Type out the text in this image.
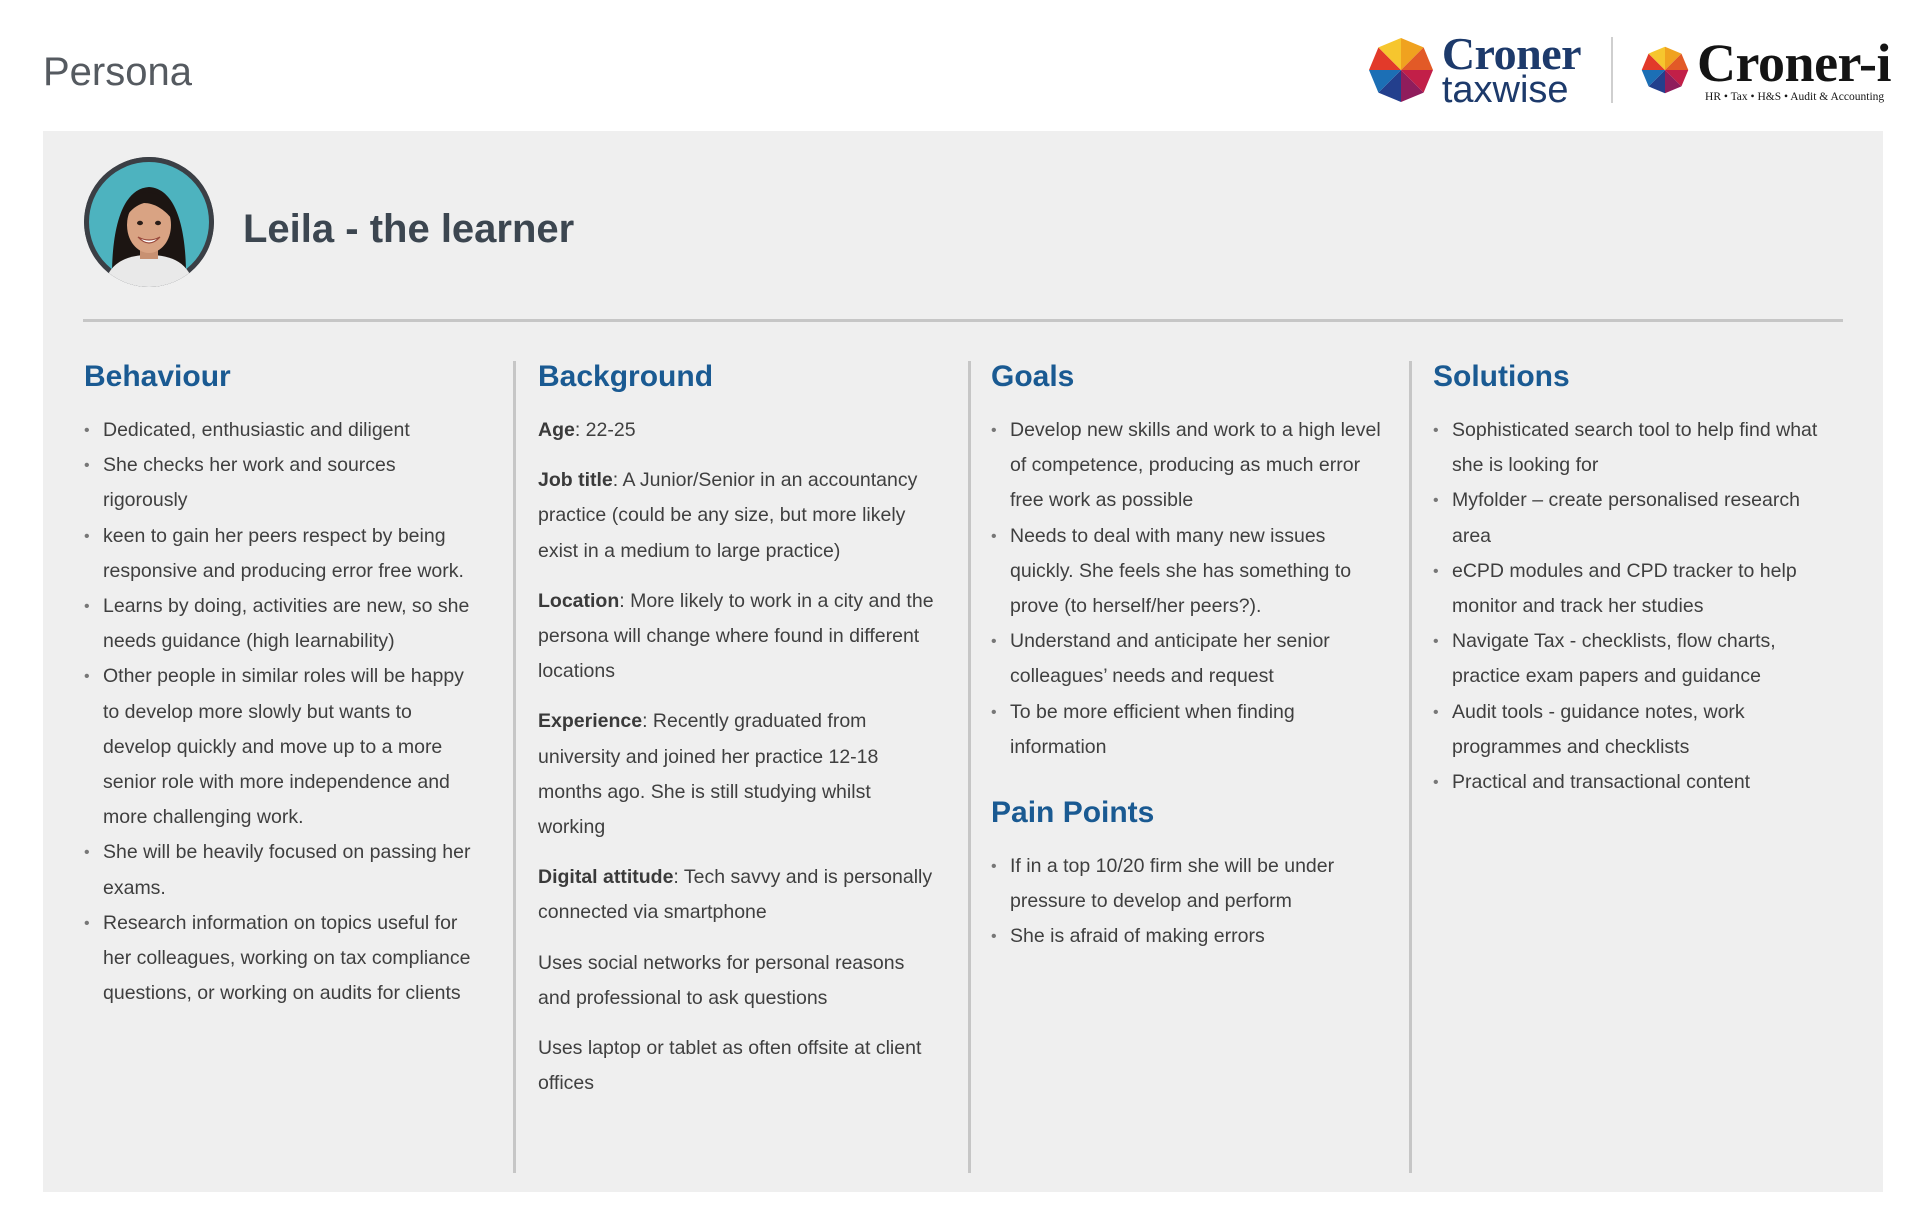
Persona	Croner
taxwise Croner-i
HR • Tax • H&S • Audit & Accounting
Leila - the learner
Behaviour
• Dedicated, enthusiastic and diligent
• She checks her work and sources rigorously
• keen to gain her peers respect by being responsive and producing error free work.
• Learns by doing, activities are new, so she needs guidance (high learnability)
• Other people in similar roles will be happy to develop more slowly but wants to develop quickly and move up to a more senior role with more independence and more challenging work.
• She will be heavily focused on passing her exams.
• Research information on topics useful for her colleagues, working on tax compliance questions, or working on audits for clients
Background

Age: 22-25

Job title: A Junior/Senior in an accountancy practice (could be any size, but more likely exist in a medium to large practice)

Location: More likely to work in a city and the persona will change where found in different locations

Experience: Recently graduated from university and joined her practice 12-18 months ago. She is still studying whilst working

Digital attitude: Tech savvy and is personally connected via smartphone

Uses social networks for personal reasons and professional to ask questions

Uses laptop or tablet as often offsite at client offices

Goals
• Develop new skills and work to a high level of competence, producing as much error free work as possible
• Needs to deal with many new issues quickly. She feels she has something to prove (to herself/her peers?).
• Understand and anticipate her senior colleagues’ needs and request
• To be more efficient when finding information
Pain Points
• If in a top 10/20 firm she will be under pressure to develop and perform
• She is afraid of making errors
Solutions
• Sophisticated search tool to help find what she is looking for
• Myfolder – create personalised research area
• eCPD modules and CPD tracker to help monitor and track her studies
• Navigate Tax - checklists, flow charts, practice exam papers and guidance
• Audit tools - guidance notes, work programmes and checklists
• Practical and transactional content
